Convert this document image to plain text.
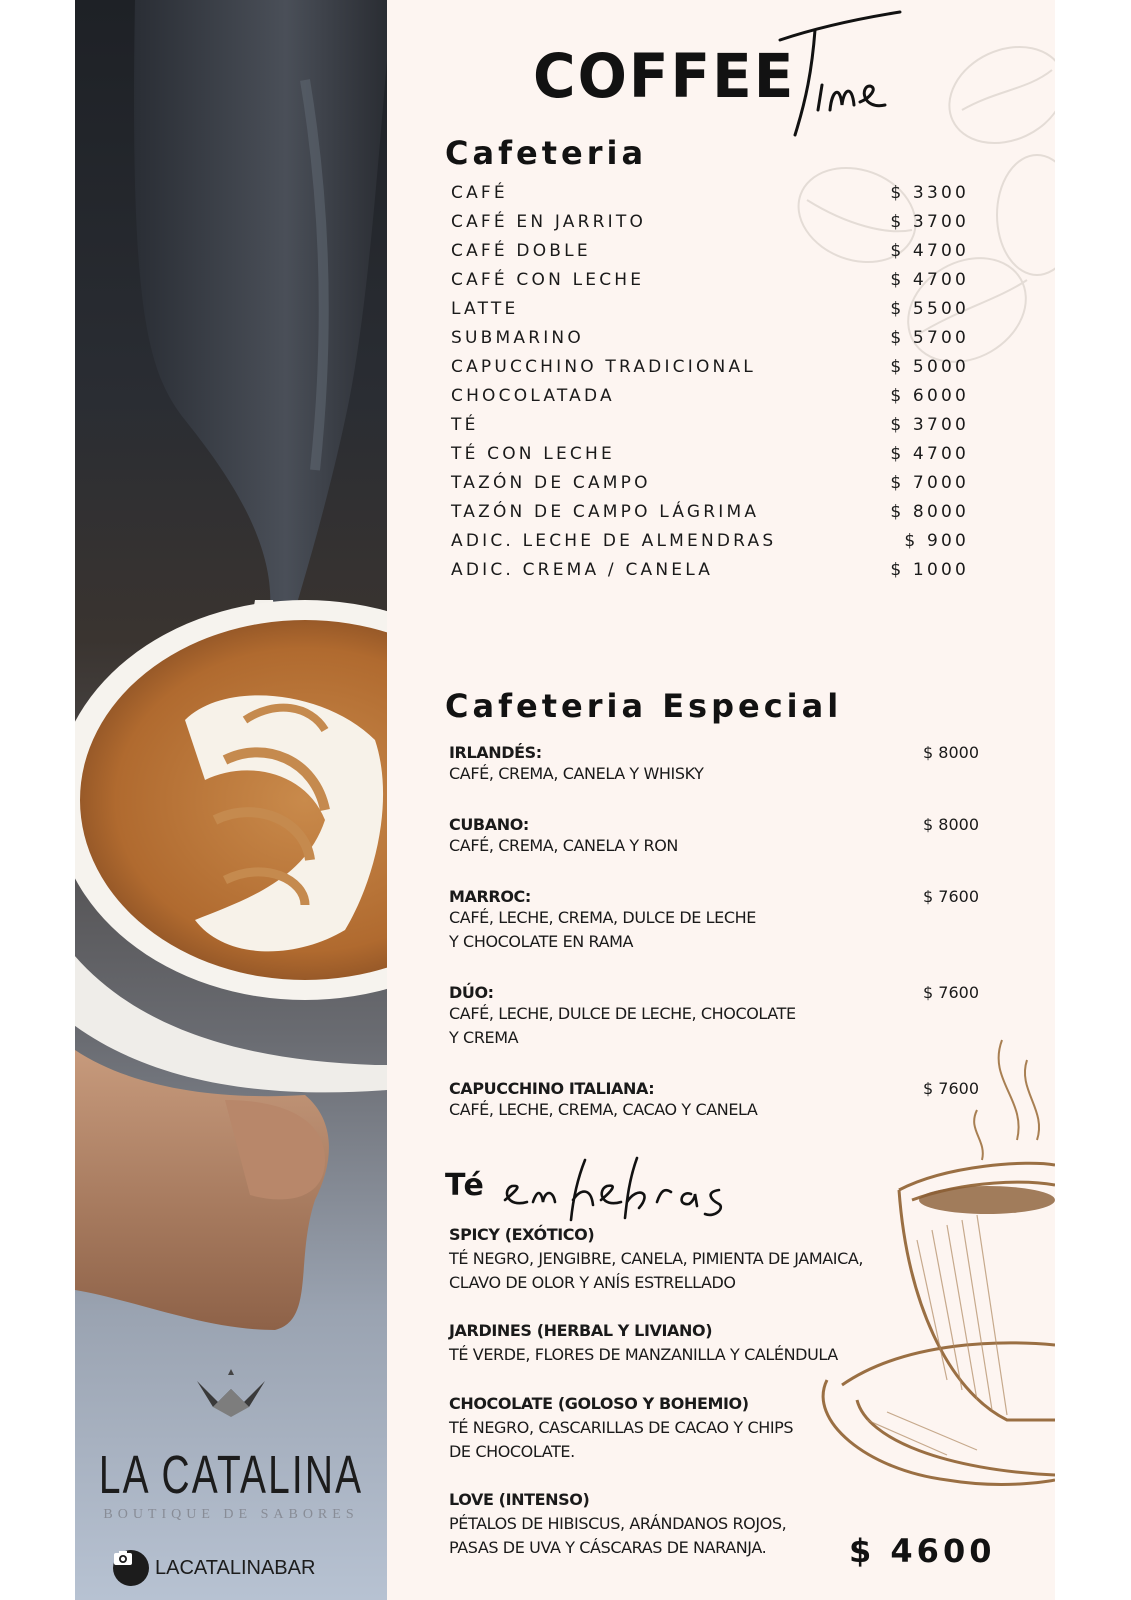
LA CATALINA
BOUTIQUE DE SABORES
LACATALINABAR
COFFEE
Cafeteria
CAFÉ	$ 3300
CAFÉ EN JARRITO	$ 3700
CAFÉ DOBLE	$ 4700
CAFÉ CON LECHE	$ 4700
LATTE	$ 5500
SUBMARINO	$ 5700
CAPUCCHINO TRADICIONAL	$ 5000
CHOCOLATADA	$ 6000
TÉ	$ 3700
TÉ CON LECHE	$ 4700
TAZÓN DE CAMPO	$ 7000
TAZÓN DE CAMPO LÁGRIMA	$ 8000
ADIC. LECHE DE ALMENDRAS	$ 900
ADIC. CREMA / CANELA	$ 1000
Cafeteria Especial
IRLANDÉS:
CAFÉ, CREMA, CANELA Y WHISKY
$ 8000
CUBANO:
CAFÉ, CREMA, CANELA Y RON
$ 8000
MARROC:
CAFÉ, LECHE, CREMA, DULCE DE LECHE
Y CHOCOLATE EN RAMA
$ 7600
DÚO:
CAFÉ, LECHE, DULCE DE LECHE, CHOCOLATE
Y CREMA
$ 7600
CAPUCCHINO ITALIANA:
CAFÉ, LECHE, CREMA, CACAO Y CANELA
$ 7600
Té
SPICY (EXÓTICO)
TÉ NEGRO, JENGIBRE, CANELA, PIMIENTA DE JAMAICA,
CLAVO DE OLOR Y ANÍS ESTRELLADO
JARDINES (HERBAL Y LIVIANO)
TÉ VERDE, FLORES DE MANZANILLA Y CALÉNDULA
CHOCOLATE (GOLOSO Y BOHEMIO)
TÉ NEGRO, CASCARILLAS DE CACAO Y CHIPS
DE CHOCOLATE.
LOVE (INTENSO)
PÉTALOS DE HIBISCUS, ARÁNDANOS ROJOS,
PASAS DE UVA Y CÁSCARAS DE NARANJA.	$ 4600
